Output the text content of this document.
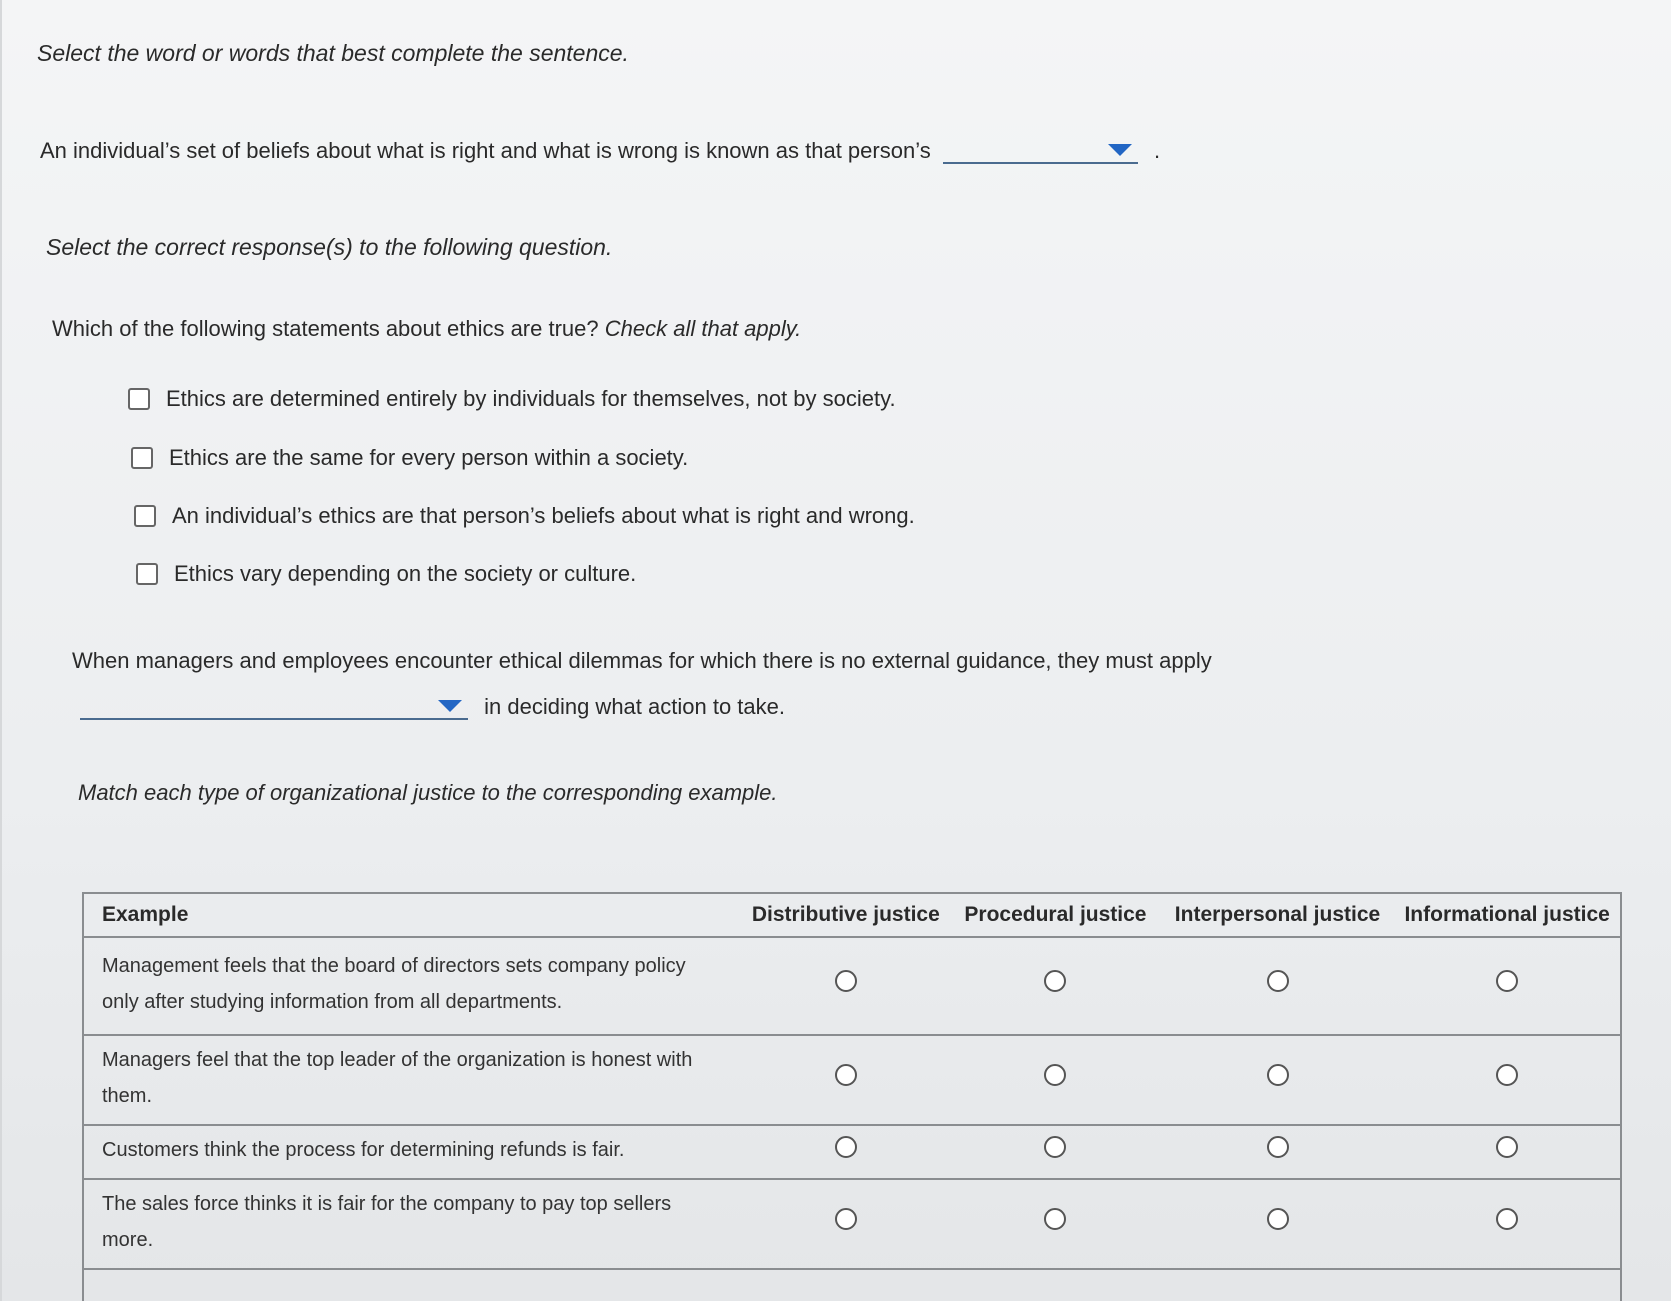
Select the word or words that best complete the sentence.
An individual’s set of beliefs about what is right and what is wrong is known as that person’s	.
Select the correct response(s) to the following question.
Which of the following statements about ethics are true? Check all that apply.
Ethics are determined entirely by individuals for themselves, not by society.
Ethics are the same for every person within a society.
An individual’s ethics are that person’s beliefs about what is right and wrong.
Ethics vary depending on the society or culture.
When managers and employees encounter ethical dilemmas for which there is no external guidance, they must apply
in deciding what action to take.
Match each type of organizational justice to the corresponding example.
Example	Distributive justice	Procedural justice	Interpersonal justice	Informational justice
Management feels that the board of directors sets company policy only after studying information from all departments.				
Managers feel that the top leader of the organization is honest with them.				
Customers think the process for determining refunds is fair.				
The sales force thinks it is fair for the company to pay top sellers more.				
